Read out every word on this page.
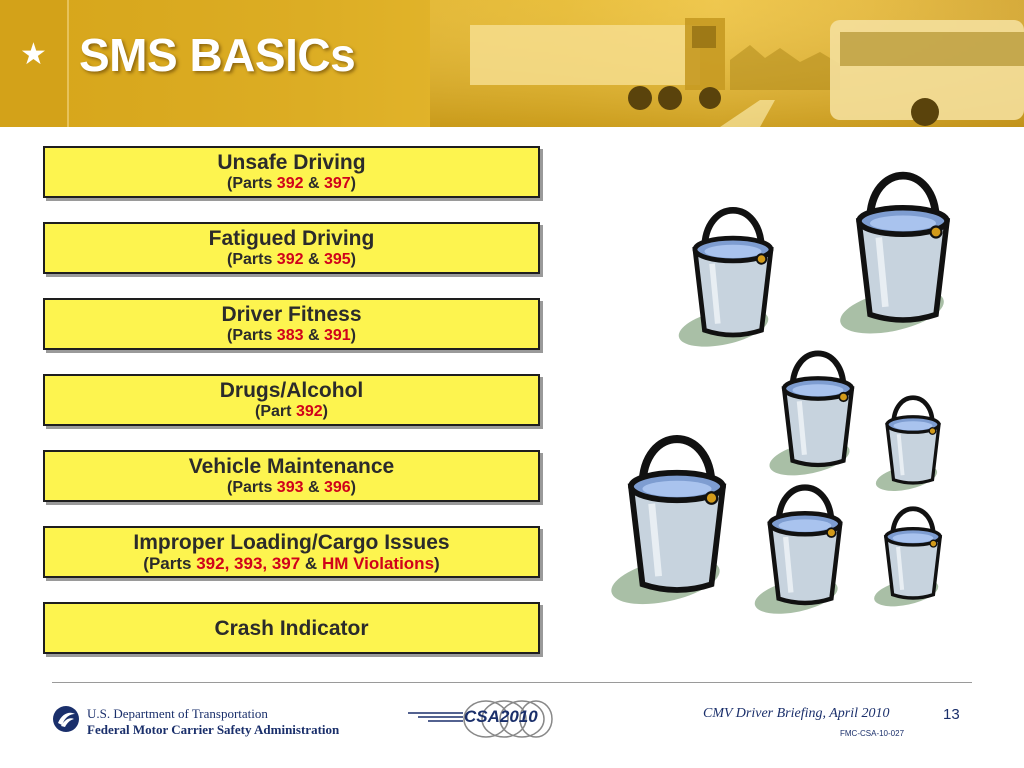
★ SMS BASICs
Unsafe Driving
(Parts 392 & 397)
Fatigued Driving
(Parts 392 & 395)
Driver Fitness
(Parts 383 & 391)
Drugs/Alcohol
(Part 392)
Vehicle Maintenance
(Parts 393 & 396)
Improper Loading/Cargo Issues
(Parts 392, 393, 397 & HM Violations)
Crash Indicator
U.S. Department of Transportation
Federal Motor Carrier Safety Administration
CSA2010	CMV Driver Briefing, April 2010	13
FMC-CSA-10-027
